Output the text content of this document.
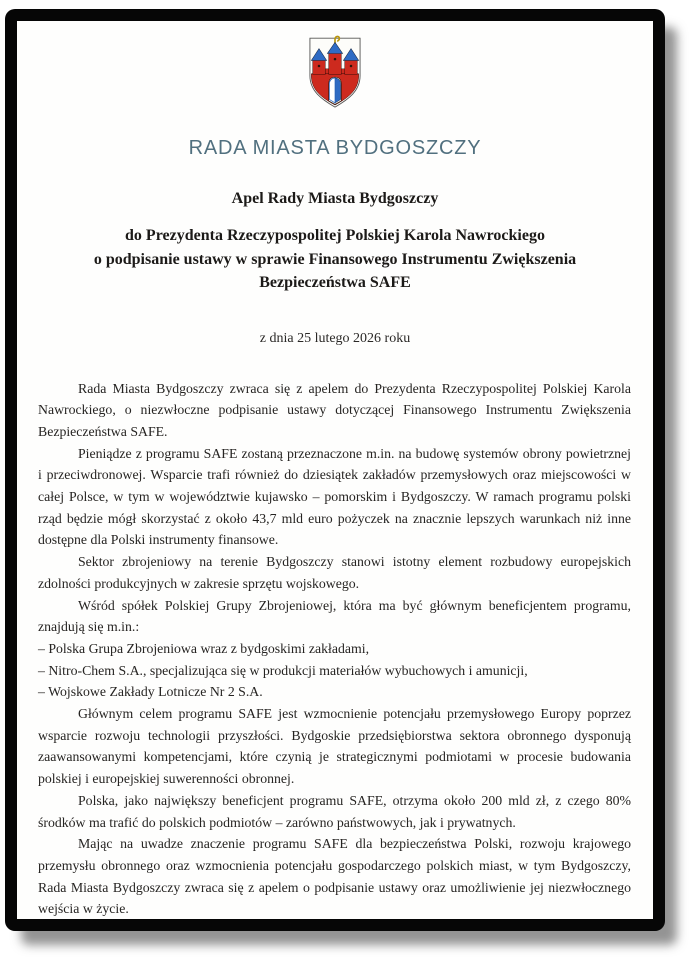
RADA MIASTA BYDGOSZCZY
Apel Rady Miasta Bydgoszczy
do Prezydenta Rzeczypospolitej Polskiej Karola Nawrockiego
o podpisanie ustawy w sprawie Finansowego Instrumentu Zwiększenia
Bezpieczeństwa SAFE
z dnia 25 lutego 2026 roku

Rada Miasta Bydgoszczy zwraca się z apelem do Prezydenta Rzeczypospolitej Polskiej Karola Nawrockiego, o niezwłoczne podpisanie ustawy dotyczącej Finansowego Instrumentu Zwiększenia Bezpieczeństwa SAFE.

Pieniądze z programu SAFE zostaną przeznaczone m.in. na budowę systemów obrony powietrznej i przeciwdronowej. Wsparcie trafi również do dziesiątek zakładów przemysłowych oraz miejscowości w całej Polsce, w tym w województwie kujawsko – pomorskim i Bydgoszczy. W ramach programu polski rząd będzie mógł skorzystać z około 43,7 mld euro pożyczek na znacznie lepszych warunkach niż inne dostępne dla Polski instrumenty finansowe.

Sektor zbrojeniowy na terenie Bydgoszczy stanowi istotny element rozbudowy europejskich zdolności produkcyjnych w zakresie sprzętu wojskowego.

Wśród spółek Polskiej Grupy Zbrojeniowej, która ma być głównym beneficjentem programu, znajdują się m.in.:

– Polska Grupa Zbrojeniowa wraz z bydgoskimi zakładami,

– Nitro-Chem S.A., specjalizująca się w produkcji materiałów wybuchowych i amunicji,

– Wojskowe Zakłady Lotnicze Nr 2 S.A.

Głównym celem programu SAFE jest wzmocnienie potencjału przemysłowego Europy poprzez wsparcie rozwoju technologii przyszłości. Bydgoskie przedsiębiorstwa sektora obronnego dysponują zaawansowanymi kompetencjami, które czynią je strategicznymi podmiotami w procesie budowania polskiej i europejskiej suwerenności obronnej.

Polska, jako największy beneficjent programu SAFE, otrzyma około 200 mld zł, z czego 80% środków ma trafić do polskich podmiotów – zarówno państwowych, jak i prywatnych.

Mając na uwadze znaczenie programu SAFE dla bezpieczeństwa Polski, rozwoju krajowego przemysłu obronnego oraz wzmocnienia potencjału gospodarczego polskich miast, w tym Bydgoszczy, Rada Miasta Bydgoszczy zwraca się z apelem o podpisanie ustawy oraz umożliwienie jej niezwłocznego wejścia w życie.
